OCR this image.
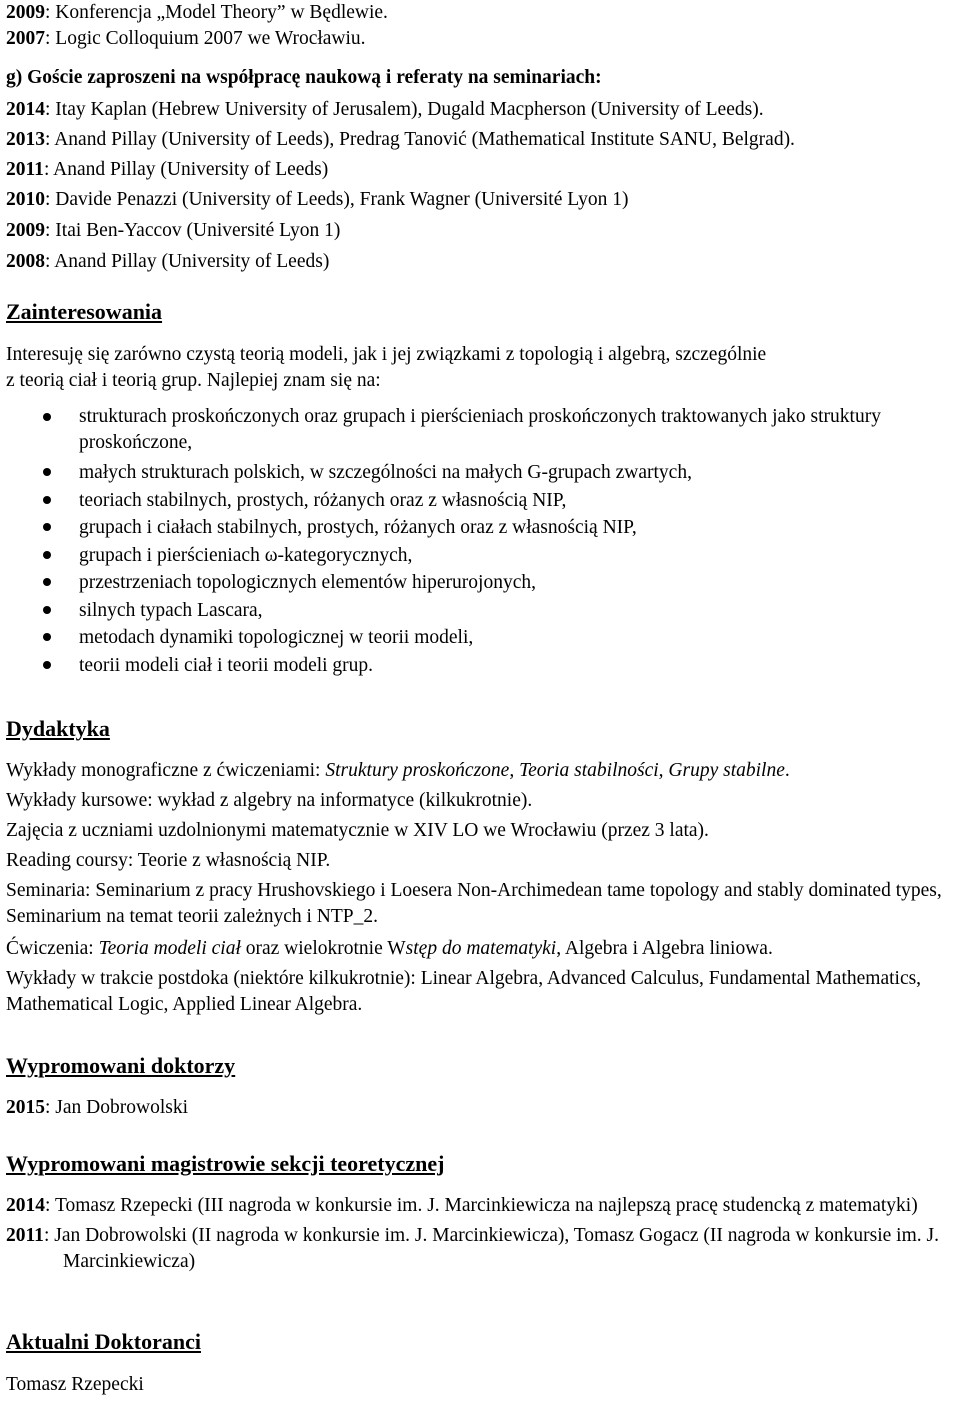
2009: Konferencja „Model Theory” w Będlewie.
2007: Logic Colloquium 2007 we Wrocławiu.
g) Goście zaproszeni na współpracę naukową i referaty na seminariach:
2014: Itay Kaplan (Hebrew University of Jerusalem), Dugald Macpherson (University of Leeds).
2013: Anand Pillay (University of Leeds), Predrag Tanović (Mathematical Institute SANU, Belgrad).
2011: Anand Pillay (University of Leeds)
2010: Davide Penazzi (University of Leeds), Frank Wagner (Université Lyon 1)
2009: Itai Ben-Yaccov (Université Lyon 1)
2008: Anand Pillay (University of Leeds)
Zainteresowania
Interesuję się zarówno czystą teorią modeli, jak i jej związkami z topologią i algebrą, szczególnie
z teorią ciał i teorią grup. Najlepiej znam się na:
strukturach proskończonych oraz grupach i pierścieniach proskończonych traktowanych jako struktury proskończone,
małych strukturach polskich, w szczególności na małych G-grupach zwartych,
teoriach stabilnych, prostych, różanych oraz z własnością NIP,
grupach i ciałach stabilnych, prostych, różanych oraz z własnością NIP,
grupach i pierścieniach ω-kategorycznych,
przestrzeniach topologicznych elementów hiperurojonych,
silnych typach Lascara,
metodach dynamiki topologicznej w teorii modeli,
teorii modeli ciał i teorii modeli grup.
Dydaktyka
Wykłady monograficzne z ćwiczeniami: Struktury proskończone, Teoria stabilności, Grupy stabilne.
Wykłady kursowe: wykład z algebry na informatyce (kilkukrotnie).
Zajęcia z uczniami uzdolnionymi matematycznie w XIV LO we Wrocławiu (przez 3 lata).
Reading coursy: Teorie z własnością NIP.
Seminaria: Seminarium z pracy Hrushovskiego i Loesera Non-Archimedean tame topology and stably dominated types, Seminarium na temat teorii zależnych i NTP_2.
Ćwiczenia: Teoria modeli ciał oraz wielokrotnie Wstęp do matematyki, Algebra i Algebra liniowa.
Wykłady w trakcie postdoka (niektóre kilkukrotnie): Linear Algebra, Advanced Calculus, Fundamental Mathematics, Mathematical Logic, Applied Linear Algebra.
Wypromowani doktorzy
2015: Jan Dobrowolski
Wypromowani magistrowie sekcji teoretycznej
2014: Tomasz Rzepecki (III nagroda w konkursie im. J. Marcinkiewicza na najlepszą pracę studencką z matematyki)
2011: Jan Dobrowolski (II nagroda w konkursie im. J. Marcinkiewicza), Tomasz Gogacz (II nagroda w konkursie im. J. Marcinkiewicza)
Aktualni Doktoranci
Tomasz Rzepecki
